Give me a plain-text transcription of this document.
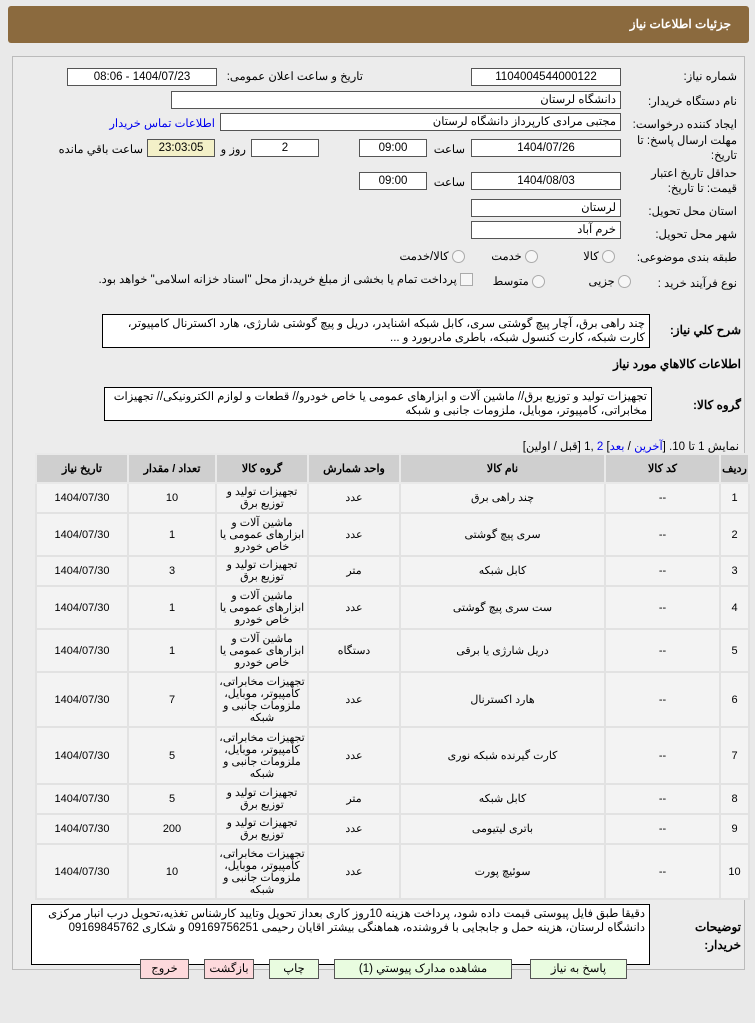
جزئیات اطلاعات نیاز
شماره نیاز:
1104004544000122
تاریخ و ساعت اعلان عمومی:
1404/07/23 - 08:06
نام دستگاه خریدار:
دانشگاه لرستان
ایجاد کننده درخواست:
مجتبی مرادی کارپرداز دانشگاه لرستان
اطلاعات تماس خریدار
مهلت ارسال پاسخ: تا تاریخ:
1404/07/26
ساعت
09:00
2
روز و
23:03:05
ساعت باقي مانده
حداقل تاریخ اعتبار قیمت: تا تاریخ:
1404/08/03
ساعت
09:00
استان محل تحویل:
لرستان
شهر محل تحویل:
خرم آباد
طبقه بندی موضوعی:
کالا
خدمت
کالا/خدمت
نوع فرآیند خرید :
جزیی
متوسط
پرداخت تمام یا بخشی از مبلغ خرید،از محل "اسناد خزانه اسلامی" خواهد بود.
شرح كلي نياز:
چند راهی برق، آچار پیچ گوشتی سری، کابل شبکه اشنایدر، دریل و پیچ گوشتی شارژی، هارد اکسترنال کامپیوتر، کارت شبکه، کارت کنسول شبکه، باطری مادربورد و ...
اطلاعات كالاهاي مورد نياز
گروه کالا:
تجهیزات تولید و توزیع برق// ماشین آلات و ابزارهای عمومی یا خاص خودرو// قطعات و لوازم الکترونیکی// تجهیزات مخابراتی، کامپیوتر، موبایل، ملزومات جانبی و شبکه
نمایش 1 تا 10. [آخرین / بعد] 2 ,1 [قبل / اولین]
ردیف	کد کالا	نام کالا	واحد شمارش	گروه کالا	تعداد / مقدار	تاریخ نیاز
1	--	چند راهی برق	عدد	تجهیزات تولید و توزیع برق	10	1404/07/30
2	--	سری پیچ گوشتی	عدد	ماشین آلات و ابزارهای عمومی یا خاص خودرو	1	1404/07/30
3	--	کابل شبکه	متر	تجهیزات تولید و توزیع برق	3	1404/07/30
4	--	ست سری پیچ گوشتی	عدد	ماشین آلات و ابزارهای عمومی یا خاص خودرو	1	1404/07/30
5	--	دریل شارژی یا برقی	دستگاه	ماشین آلات و ابزارهای عمومی یا خاص خودرو	1	1404/07/30
6	--	هارد اکسترنال	عدد	تجهیزات مخابراتی، کامپیوتر، موبایل، ملزومات جانبی و شبکه	7	1404/07/30
7	--	کارت گیرنده شبکه نوری	عدد	تجهیزات مخابراتی، کامپیوتر، موبایل، ملزومات جانبی و شبکه	5	1404/07/30
8	--	کابل شبکه	متر	تجهیزات تولید و توزیع برق	5	1404/07/30
9	--	باتری لیتیومی	عدد	تجهیزات تولید و توزیع برق	200	1404/07/30
10	--	سوئیچ پورت	عدد	تجهیزات مخابراتی، کامپیوتر، موبایل، ملزومات جانبی و شبکه	10	1404/07/30
توضیحات خریدار:
دقیقا طبق فایل پیوستی قیمت داده شود، پرداخت هزینه 10روز کاری بعداز تحویل وتایید کارشناس تغذیه،تحویل درب انبار مرکزی دانشگاه لرستان، هزینه حمل و جابجایی با فروشنده، هماهنگی بیشتر اقایان رحیمی 09169756251 و شکاری 09169845762
پاسخ به نیاز
مشاهده مدارک پیوستي (1)
چاپ
بازگشت
خروج
